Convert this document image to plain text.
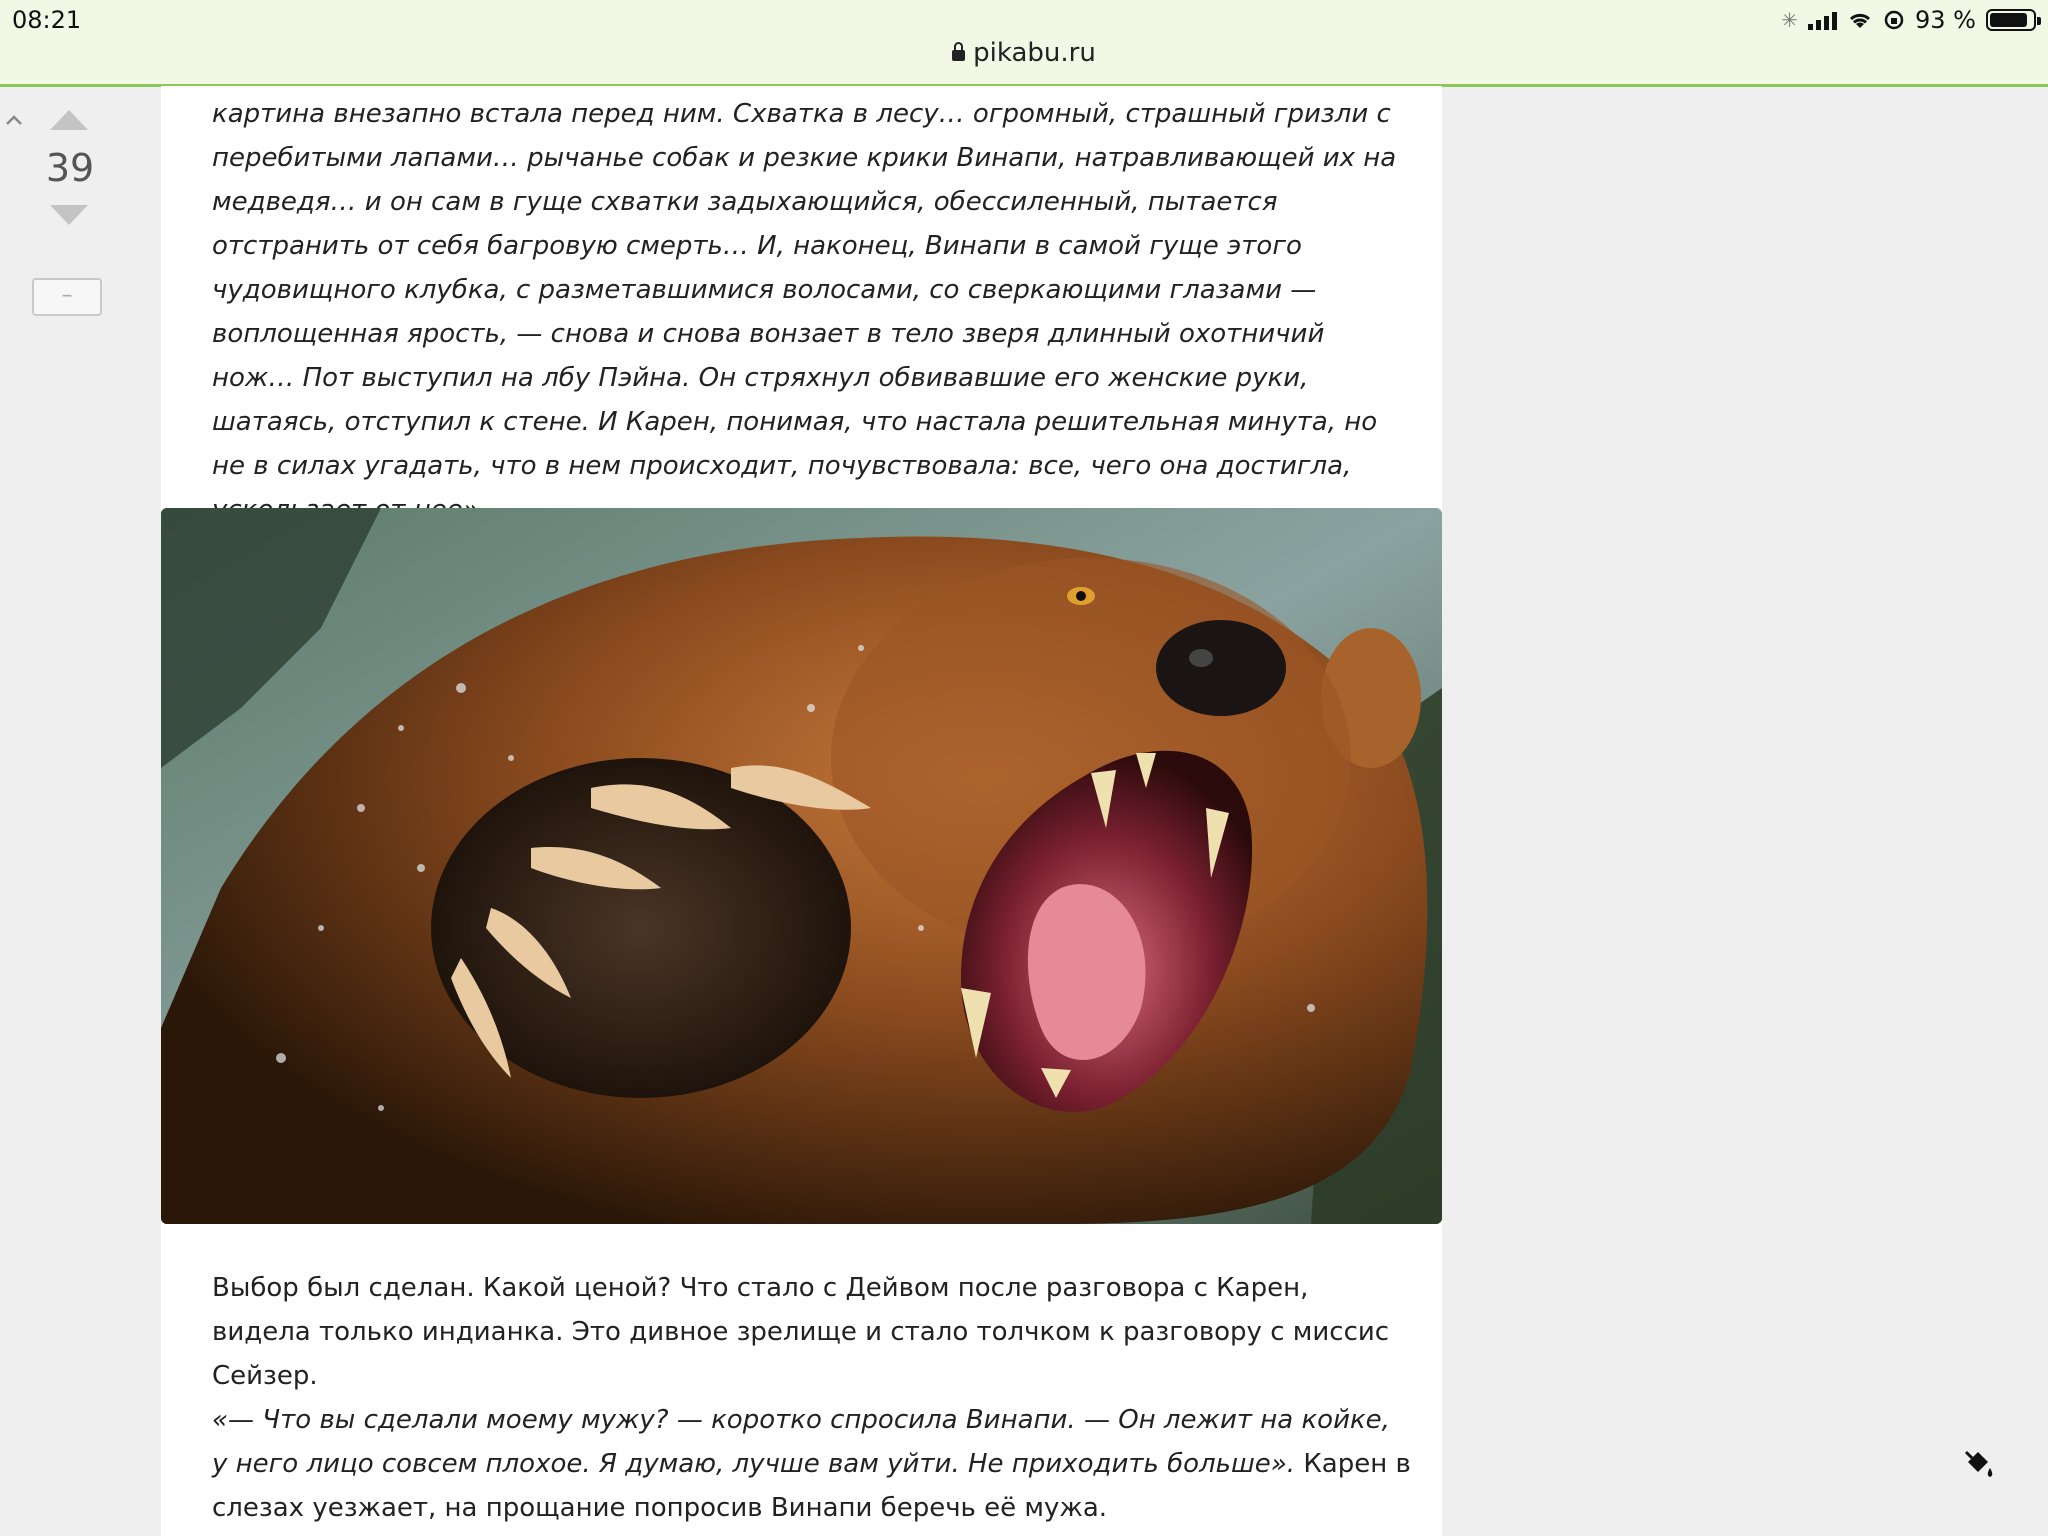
08:21	✳	93 %
pikabu.ru
39
–

картина внезапно встала перед ним. Схватка в лесу… огромный, страшный гризли с перебитыми лапами… рычанье собак и резкие крики Винапи, натравливающей их на медведя… и он сам в гуще схватки задыхающийся, обессиленный, пытается отстранить от себя багровую смерть… И, наконец, Винапи в самой гуще этого чудовищного клубка, с разметавшимися волосами, со сверкающими глазами — воплощенная ярость, — снова и снова вонзает в тело зверя длинный охотничий нож… Пот выступил на лбу Пэйна. Он стряхнул обвивавшие его женские руки, шатаясь, отступил к стене. И Карен, понимая, что настала решительная минута, но не в силах угадать, что в нем происходит, почувствовала: все, чего она достигла,

Выбор был сделан. Какой ценой? Что стало с Дейвом после разговора с Карен, видела только индианка. Это дивное зрелище и стало толчком к разговору с миссис Сейзер.
«— Что вы сделали моему мужу? — коротко спросила Винапи. — Он лежит на койке, у него лицо совсем плохое. Я думаю, лучше вам уйти. Не приходить больше». Карен в слезах уезжает, на прощание попросив Винапи беречь её мужа.
